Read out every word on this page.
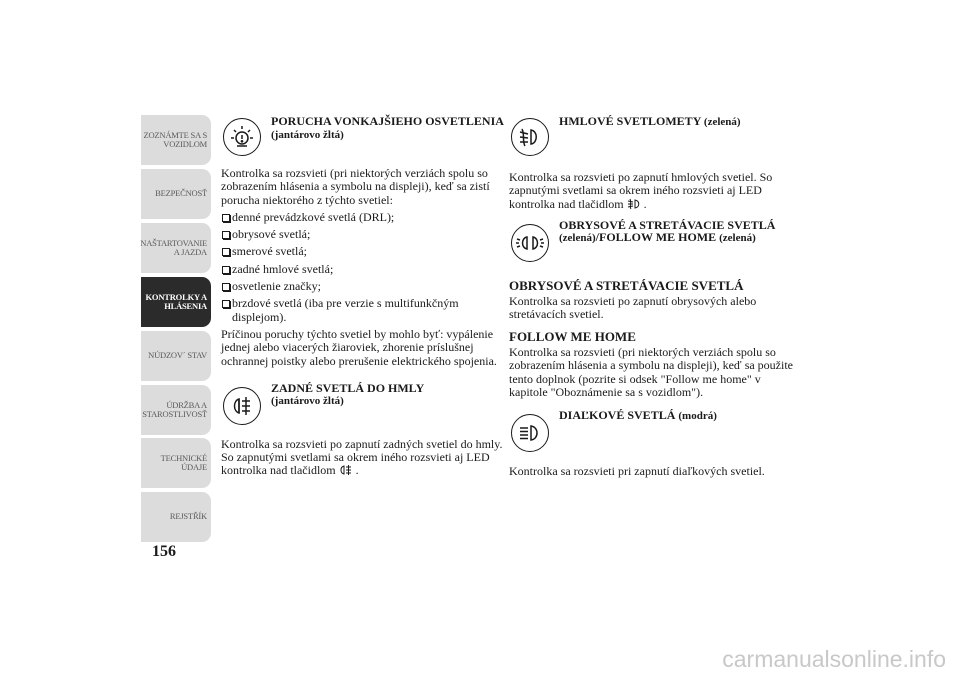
ZOZNÁMTE SA S
VOZIDLOM
BEZPEČNOSŤ
NAŠTARTOVANIE
A JAZDA
KONTROLKY A
HLÁSENIA
NÚDZOV´ STAV
ÚDRŽBA A
STAROSTLIVOSŤ
TECHNICKÉ
ÚDAJE
REJSTŘÍK
156
PORUCHA VONKAJŠIEHO OSVETLENIA (jantárovo žltá)

Kontrolka sa rozsvieti (pri niektorých verziách spolu so zobrazením hlásenia a symbolu na displeji), keď sa zistí porucha niektorého z týchto svetiel:

denné prevádzkové svetlá (DRL);
obrysové svetlá;
smerové svetlá;
zadné hmlové svetlá;
osvetlenie značky;
brzdové svetlá (iba pre verzie s multifunkčným displejom).

Príčinou poruchy týchto svetiel by mohlo byť: vypálenie jednej alebo viacerých žiaroviek, zhorenie príslušnej ochrannej poistky alebo prerušenie elektrického spojenia.

ZADNÉ SVETLÁ DO HMLY
(jantárovo žltá)

Kontrolka sa rozsvieti po zapnutí zadných svetiel do hmly. So zapnutými svetlami sa okrem iného rozsvieti aj LED kontrolka nad tlačidlom  .

HMLOVÉ SVETLOMETY (zelená)

Kontrolka sa rozsvieti po zapnutí hmlových svetiel. So zapnutými svetlami sa okrem iného rozsvieti aj LED kontrolka nad tlačidlom  .

OBRYSOVÉ A STRETÁVACIE SVETLÁ (zelená)/FOLLOW ME HOME (zelená)
OBRYSOVÉ A STRETÁVACIE SVETLÁ

Kontrolka sa rozsvieti po zapnutí obrysových alebo stretávacích svetiel.

FOLLOW ME HOME

Kontrolka sa rozsvieti (pri niektorých verziách spolu so zobrazením hlásenia a symbolu na displeji), keď sa použite tento doplnok (pozrite si odsek "Follow me home" v kapitole "Oboznámenie sa s vozidlom").

DIAĽKOVÉ SVETLÁ (modrá)

Kontrolka sa rozsvieti pri zapnutí diaľkových svetiel.

carmanualsonline.info
